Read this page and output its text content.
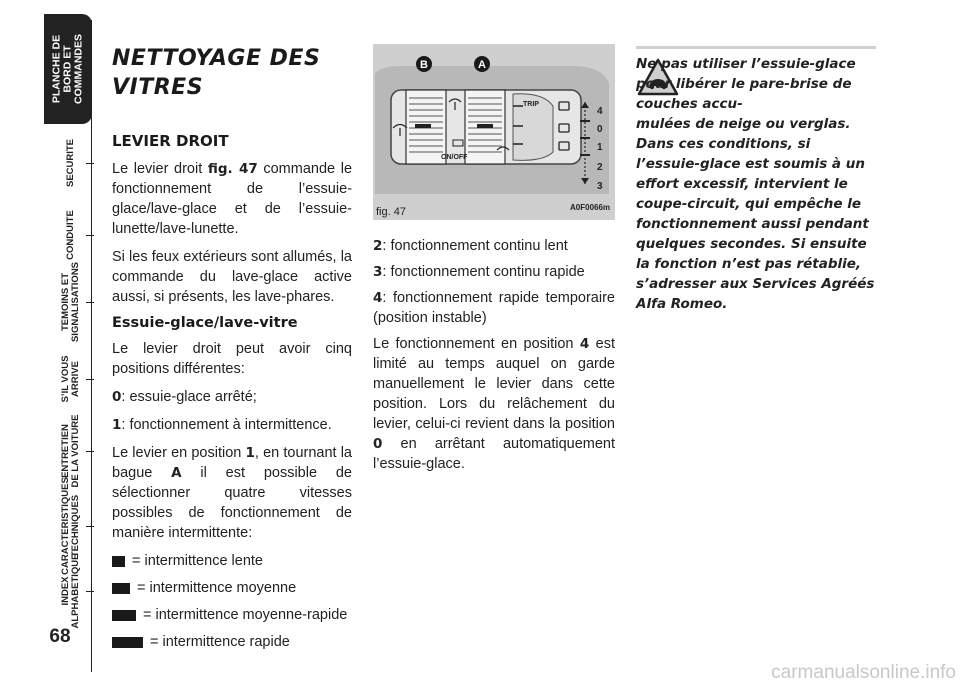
PLANCHE DE
BORD ET
COMMANDES
SECURITE
CONDUITE
TEMOINS ET
SIGNALISATIONS
S’IL VOUS
ARRIVE
ENTRETIEN
DE LA VOITURE
CARACTERISTIQUES
TECHNIQUES
INDEX
ALPHABETIQUE
68
NETTOYAGE DES
VITRES
LEVIER DROIT

Le levier droit fig. 47 commande le fonctionnement de l’essuie-glace/lave-glace et de l’essuie-lunette/lave-lunette.

Si les feux extérieurs sont allumés, la commande du lave-glace active aussi, si présents, les lave-phares.

Essuie-glace/lave-vitre

Le levier droit peut avoir cinq positions différentes:

0: essuie-glace arrêté;

1: fonctionnement à intermittence.

Le levier en position 1, en tournant la bague A il est possible de sélectionner quatre vitesses possibles de fonctionnement de manière intermittente:

= intermittence lente
= intermittence moyenne
= intermittence moyenne-rapide
= intermittence rapide
B	A
TRIP
ON/OFF
4
0
1
2
3
fig. 47	A0F0066m

2: fonctionnement continu lent

3: fonctionnement continu rapide

4: fonctionnement rapide temporaire (position instable)

Le fonctionnement en position 4 est limité au temps auquel on garde manuellement le levier dans cette position. Lors du relâchement du levier, celui-ci revient dans la position 0 en arrêtant automatiquement l’essuie-glace.

Ne pas utiliser l’essuie-glace pour libérer le pare-brise de couches accu-

mulées de neige ou verglas. Dans ces conditions, si l’essuie-glace est soumis à un effort excessif, intervient le coupe-circuit, qui empêche le fonctionnement aussi pendant quelques secondes. Si ensuite la fonction n’est pas rétablie, s’adresser aux Services Agréés Alfa Romeo.

carmanualsonline.info
